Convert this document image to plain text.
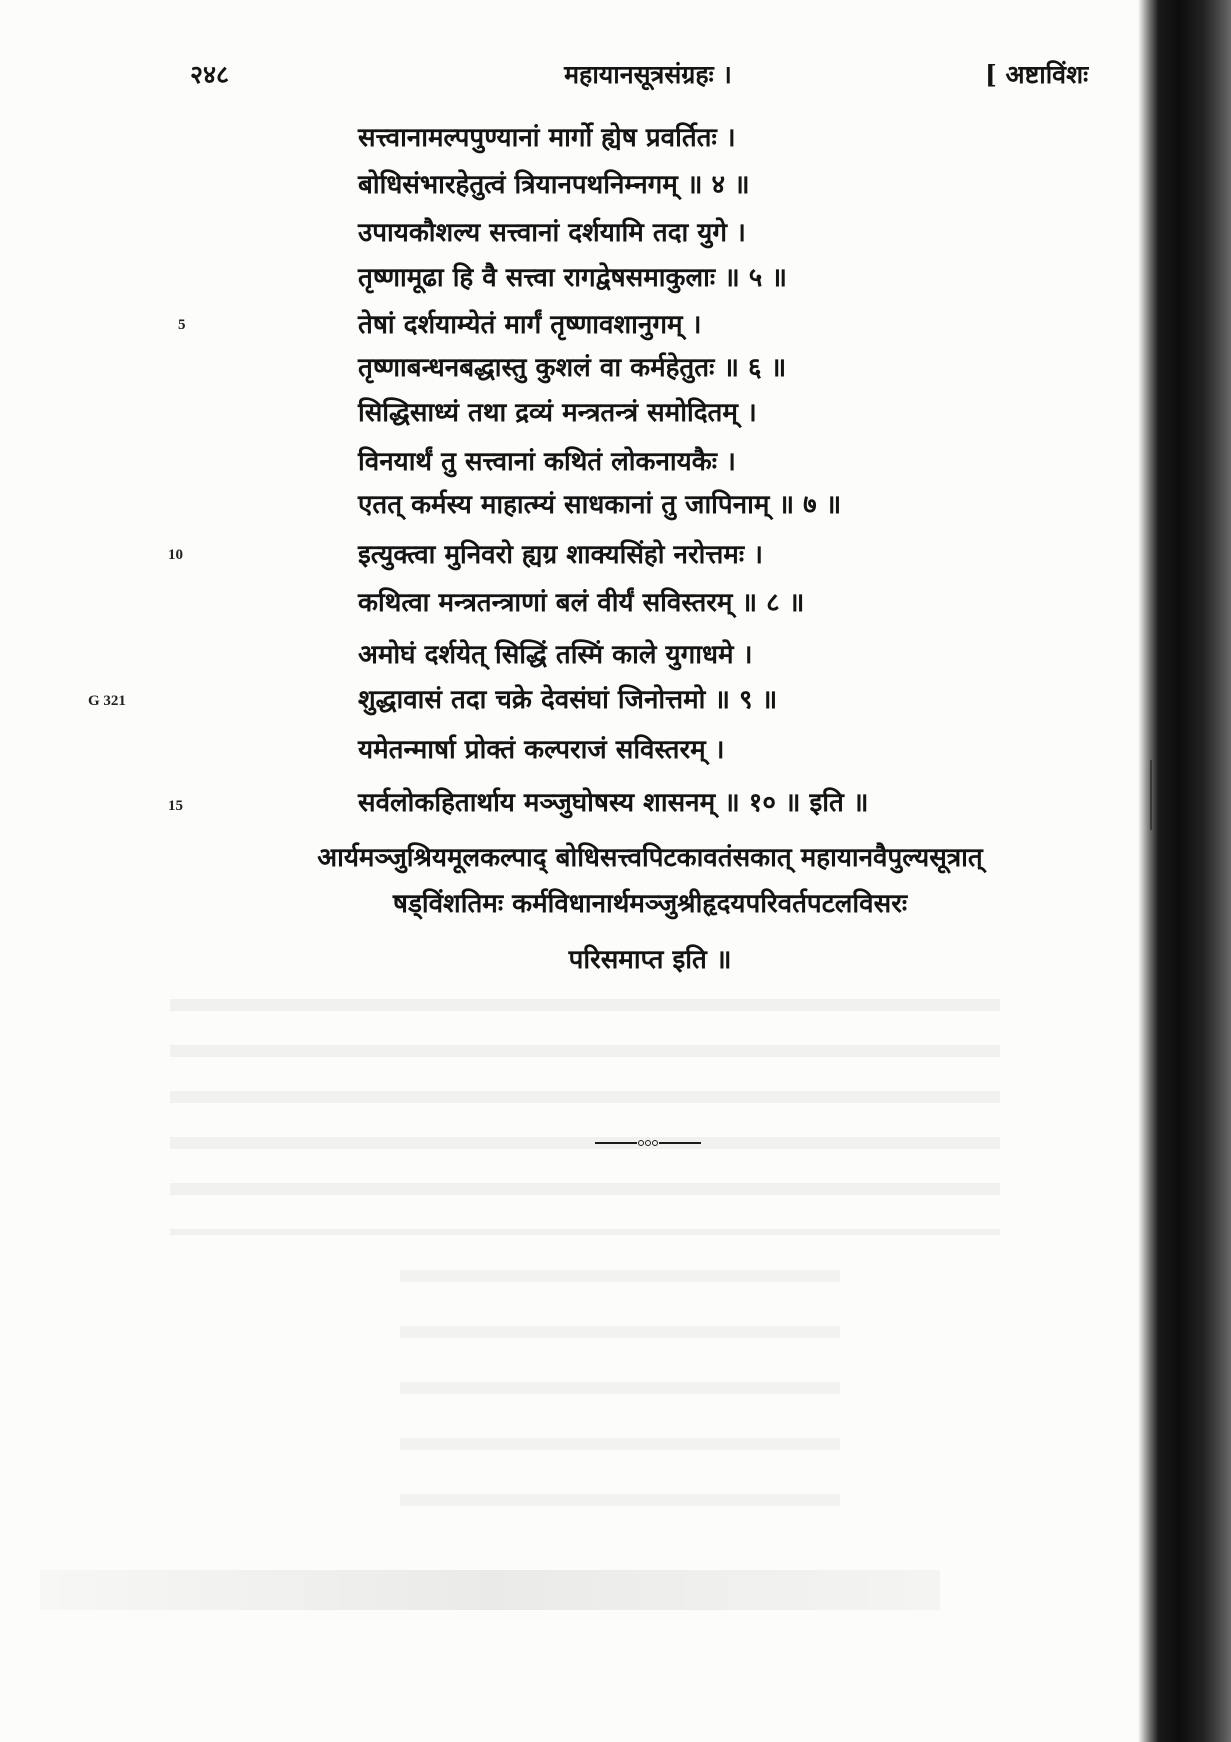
२४८	महायानसूत्रसंग्रहः ।	[ अष्टाविंशः
सत्त्वानामल्पपुण्यानां मार्गो ह्येष प्रवर्तितः ।
बोधिसंभारहेतुत्वं त्रियानपथनिम्नगम् ॥ ४ ॥
उपायकौशल्य सत्त्वानां दर्शयामि तदा युगे ।
तृष्णामूढा हि वै सत्त्वा रागद्वेषसमाकुलाः ॥ ५ ॥
तेषां दर्शयाम्येतं मार्गं तृष्णावशानुगम् ।
5
तृष्णाबन्धनबद्धास्तु कुशलं वा कर्महेतुतः ॥ ६ ॥
सिद्धिसाध्यं तथा द्रव्यं मन्त्रतन्त्रं समोदितम् ।
विनयार्थं तु सत्त्वानां कथितं लोकनायकैः ।
एतत् कर्मस्य माहात्म्यं साधकानां तु जापिनाम् ॥ ७ ॥
इत्युक्त्वा मुनिवरो ह्यग्र शाक्यसिंहो नरोत्तमः ।
10
कथित्वा मन्त्रतन्त्राणां बलं वीर्यं सविस्तरम् ॥ ८ ॥
अमोघं दर्शयेत् सिद्धिं तस्मिं काले युगाधमे ।
शुद्धावासं तदा चक्रे देवसंघां जिनोत्तमो ॥ ९ ॥
G 321
यमेतन्मार्षा प्रोक्तं कल्पराजं सविस्तरम् ।
सर्वलोकहितार्थाय मञ्जुघोषस्य शासनम् ॥ १० ॥ इति ॥
15
आर्यमञ्जुश्रियमूलकल्पाद् बोधिसत्त्वपिटकावतंसकात् महायानवैपुल्यसूत्रात्
षड्विंशतिमः कर्मविधानार्थमञ्जुश्रीहृदयपरिवर्तपटलविसरः
परिसमाप्त इति ॥
